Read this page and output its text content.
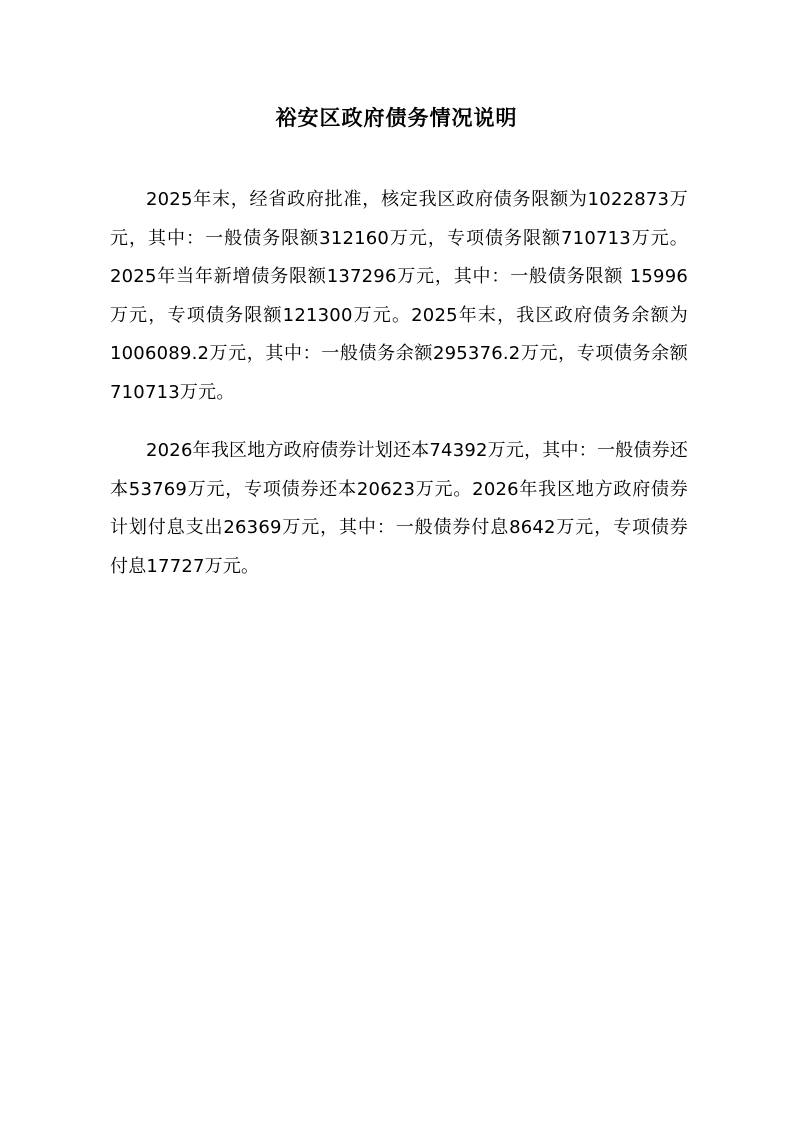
裕安区政府债务情况说明

2025年末，经省政府批准，核定我区政府债务限额为1022873万元，其中：一般债务限额312160万元，专项债务限额710713万元。2025年当年新增债务限额137296万元，其中：一般债务限额 15996万元，专项债务限额121300万元。2025年末，我区政府债务余额为1006089.2万元，其中：一般债务余额295376.2万元，专项债务余额710713万元。

2026年我区地方政府债券计划还本74392万元，其中：一般债券还本53769万元，专项债券还本20623万元。2026年我区地方政府债券计划付息支出26369万元，其中：一般债券付息8642万元，专项债券付息17727万元。
